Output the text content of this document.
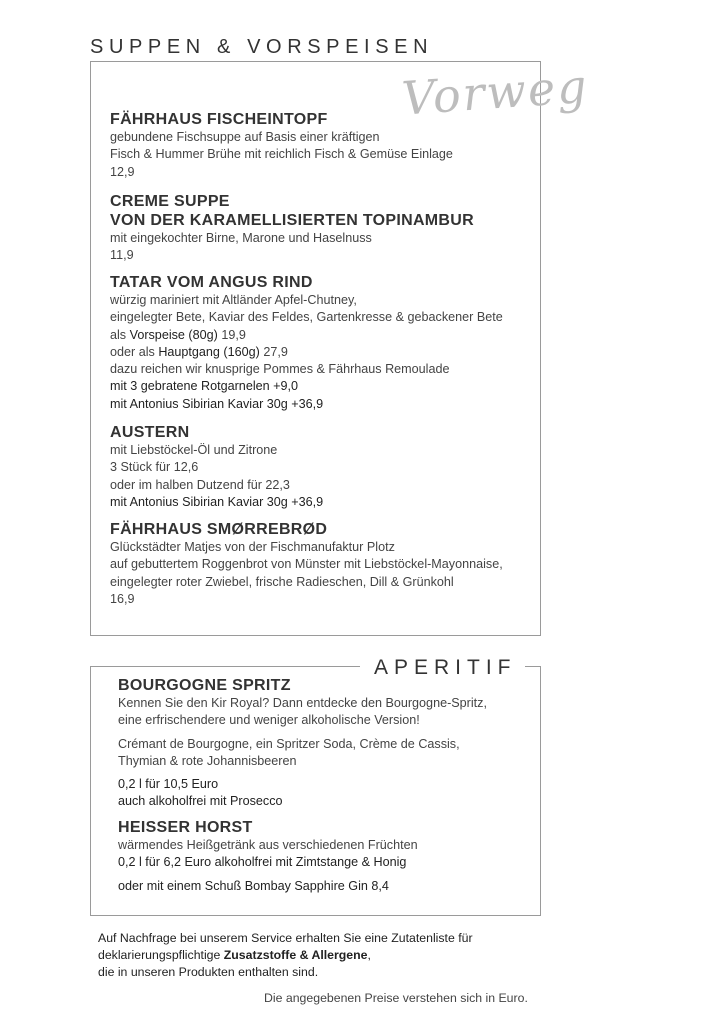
SUPPEN & VORSPEISEN
Vorweg
FÄHRHAUS FISCHEINTOPF
gebundene Fischsuppe auf Basis einer kräftigen
Fisch & Hummer Brühe mit reichlich Fisch & Gemüse Einlage
12,9
CREME SUPPE
VON DER KARAMELLISIERTEN TOPINAMBUR
mit eingekochter Birne, Marone und Haselnuss
11,9
TATAR VOM ANGUS RIND
würzig mariniert mit Altländer Apfel-Chutney,
eingelegter Bete, Kaviar des Feldes, Gartenkresse & gebackener Bete
als Vorspeise (80g) 19,9
oder als Hauptgang (160g) 27,9
dazu reichen wir knusprige Pommes & Fährhaus Remoulade
mit 3 gebratene Rotgarnelen +9,0
mit Antonius Sibirian Kaviar 30g +36,9
AUSTERN
mit Liebstöckel-Öl und Zitrone
3 Stück für 12,6
oder im halben Dutzend für 22,3
mit Antonius Sibirian Kaviar 30g +36,9
FÄHRHAUS SMØRREBRØD
Glückstädter Matjes von der Fischmanufaktur Plotz
auf gebuttertem Roggenbrot von Münster mit Liebstöckel-Mayonnaise,
eingelegter roter Zwiebel, frische Radieschen, Dill & Grünkohl
16,9
APERITIF
BOURGOGNE SPRITZ
Kennen Sie den Kir Royal? Dann entdecke den Bourgogne-Spritz,
eine erfrischendere und weniger alkoholische Version!
Crémant de Bourgogne, ein Spritzer Soda, Crème de Cassis,
Thymian & rote Johannisbeeren
0,2 l für 10,5 Euro
auch alkoholfrei mit Prosecco
HEISSER HORST
wärmendes Heißgetränk aus verschiedenen Früchten
0,2 l für 6,2 Euro alkoholfrei mit Zimtstange & Honig
oder mit einem Schuß Bombay Sapphire Gin 8,4
Auf Nachfrage bei unserem Service erhalten Sie eine Zutatenliste für
deklarierungspflichtige Zusatzstoffe & Allergene,
die in unseren Produkten enthalten sind.
Die angegebenen Preise verstehen sich in Euro.
